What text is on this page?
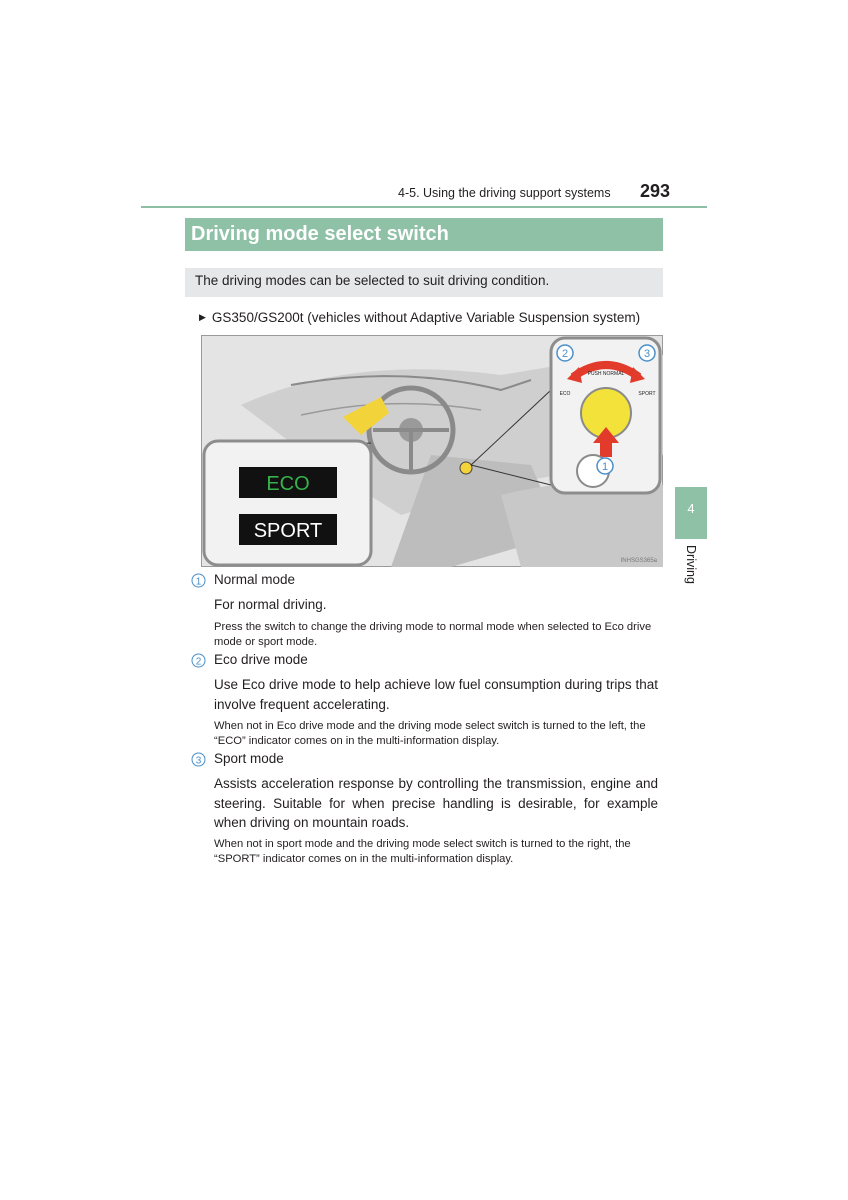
4-5. Using the driving support systems 293
Driving mode select switch
The driving modes can be selected to suit driving condition.
▶ GS350/GS200t (vehicles without Adaptive Variable Suspension system)
ECO
SPORT
PUSH NORMAL
ECO	SPORT
2	3
1
INHSGS365a
4
Driving
1 Normal mode
For normal driving.
Press the switch to change the driving mode to normal mode when selected to Eco drive mode or sport mode.
2 Eco drive mode
Use Eco drive mode to help achieve low fuel consumption during trips that involve frequent accelerating.
When not in Eco drive mode and the driving mode select switch is turned to the left, the “ECO” indicator comes on in the multi-information display.
3 Sport mode
Assists acceleration response by controlling the transmission, engine and steering. Suitable for when precise handling is desirable, for example when driving on mountain roads.
When not in sport mode and the driving mode select switch is turned to the right, the “SPORT” indicator comes on in the multi-information display.
